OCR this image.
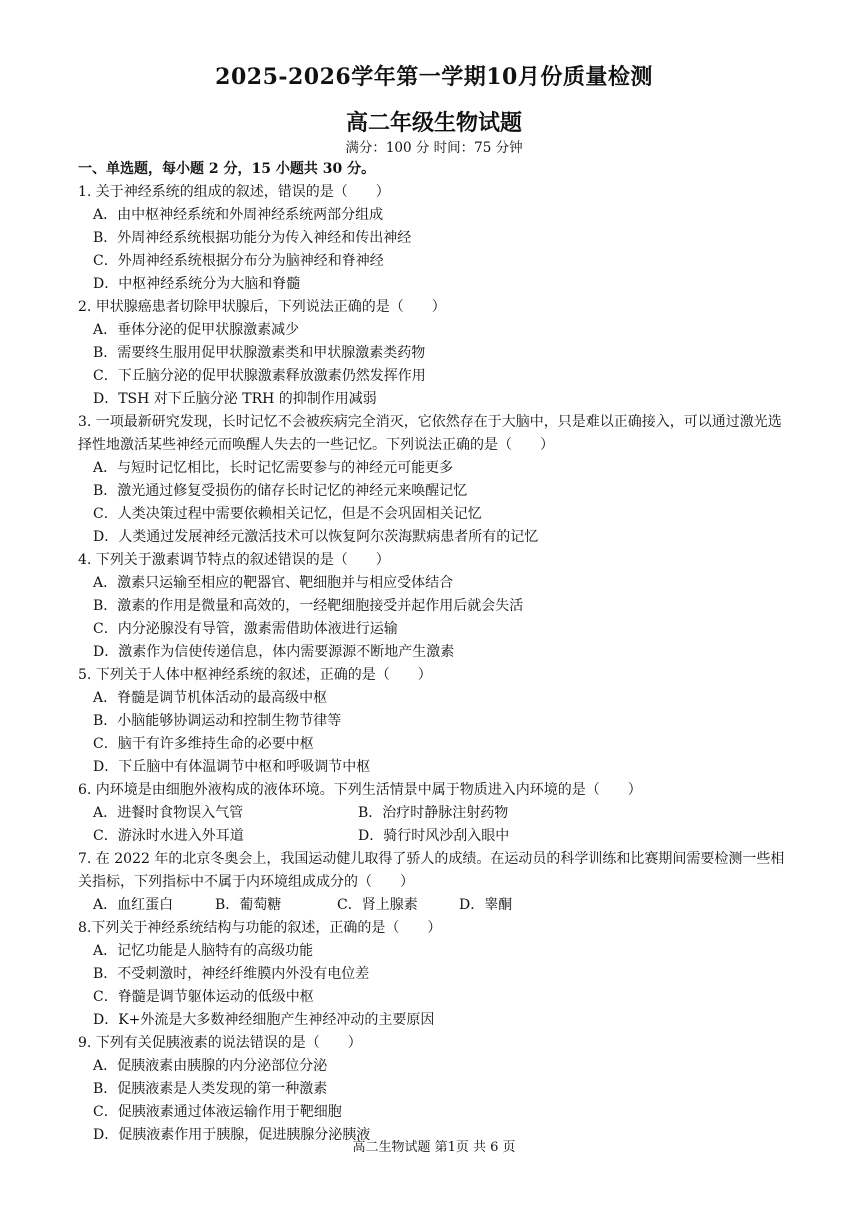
2025-2026学年第一学期10月份质量检测
高二年级生物试题
满分：100 分 时间：75 分钟

一、单选题，每小题 2 分，15 小题共 30 分。

1. 关于神经系统的组成的叙述，错误的是（　　）

A．由中枢神经系统和外周神经系统两部分组成

B．外周神经系统根据功能分为传入神经和传出神经

C．外周神经系统根据分布分为脑神经和脊神经

D．中枢神经系统分为大脑和脊髓

2. 甲状腺癌患者切除甲状腺后，下列说法正确的是（　　）

A．垂体分泌的促甲状腺激素减少

B．需要终生服用促甲状腺激素类和甲状腺激素类药物

C．下丘脑分泌的促甲状腺激素释放激素仍然发挥作用

D．TSH 对下丘脑分泌 TRH 的抑制作用减弱

3. 一项最新研究发现，长时记忆不会被疾病完全消灭，它依然存在于大脑中，只是难以正确接入，可以通过激光选择性地激活某些神经元而唤醒人失去的一些记忆。下列说法正确的是（　　）

A．与短时记忆相比，长时记忆需要参与的神经元可能更多

B．激光通过修复受损伤的储存长时记忆的神经元来唤醒记忆

C．人类决策过程中需要依赖相关记忆，但是不会巩固相关记忆

D．人类通过发展神经元激活技术可以恢复阿尔茨海默病患者所有的记忆

4. 下列关于激素调节特点的叙述错误的是（　　）

A．激素只运输至相应的靶器官、靶细胞并与相应受体结合

B．激素的作用是微量和高效的，一经靶细胞接受并起作用后就会失活

C．内分泌腺没有导管，激素需借助体液进行运输

D．激素作为信使传递信息，体内需要源源不断地产生激素

5. 下列关于人体中枢神经系统的叙述，正确的是（　　）

A．脊髓是调节机体活动的最高级中枢

B．小脑能够协调运动和控制生物节律等

C．脑干有许多维持生命的必要中枢

D．下丘脑中有体温调节中枢和呼吸调节中枢

6. 内环境是由细胞外液构成的液体环境。下列生活情景中属于物质进入内环境的是（　　）

A．进餐时食物误入气管	B．治疗时静脉注射药物
C．游泳时水进入外耳道	D．骑行时风沙刮入眼中

7. 在 2022 年的北京冬奥会上，我国运动健儿取得了骄人的成绩。在运动员的科学训练和比赛期间需要检测一些相关指标，下列指标中不属于内环境组成成分的（　　）

A．血红蛋白	B．葡萄糖	C．肾上腺素	D．睾酮

8.下列关于神经系统结构与功能的叙述，正确的是（　　）

A．记忆功能是人脑特有的高级功能

B．不受刺激时，神经纤维膜内外没有电位差

C．脊髓是调节躯体运动的低级中枢

D．K+外流是大多数神经细胞产生神经冲动的主要原因

9. 下列有关促胰液素的说法错误的是（　　）

A．促胰液素由胰腺的内分泌部位分泌

B．促胰液素是人类发现的第一种激素

C．促胰液素通过体液运输作用于靶细胞

D．促胰液素作用于胰腺，促进胰腺分泌胰液

高二生物试题 第1页 共 6 页
